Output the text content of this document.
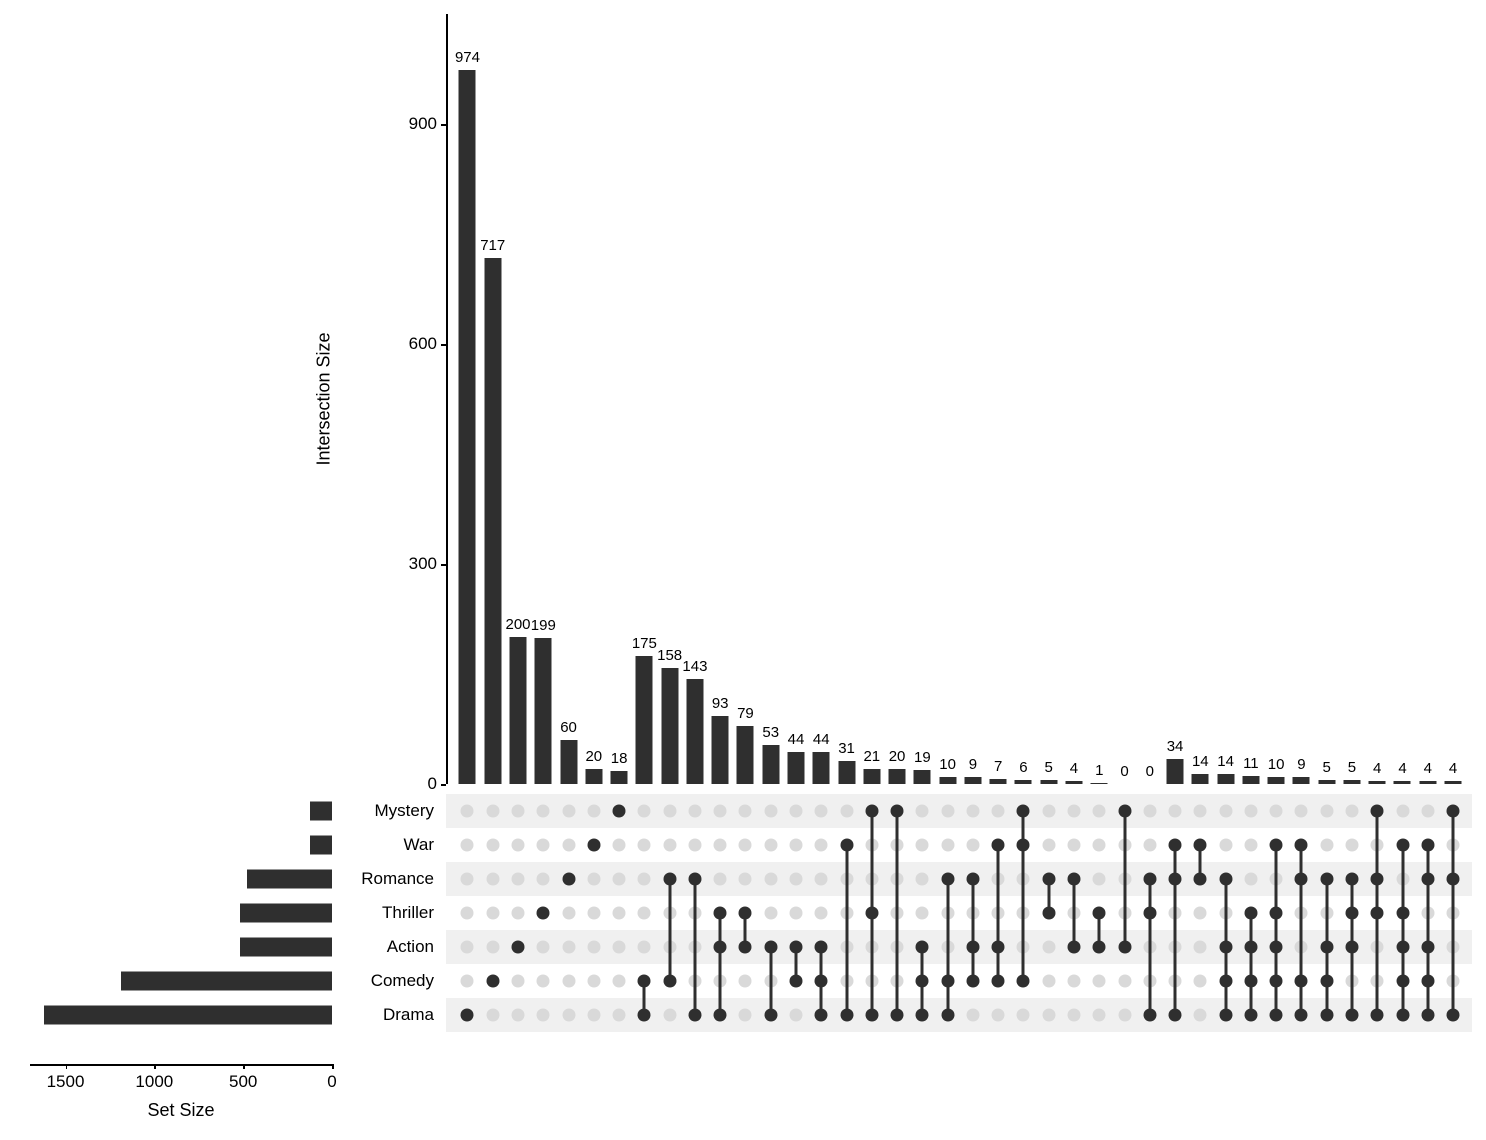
Intersection Size
0
300
600
900
974
717
200 199
60
20 18
175
158
143
93
79
53 44 44
31 21 20 19 10 9 7 6 5 4 1 0 0
34
14 14 11 10 9 5 5 4 4 4 4
Mystery
War
Romance
Thriller
Action
Comedy
Drama
1500	1000	500	0
Set Size
